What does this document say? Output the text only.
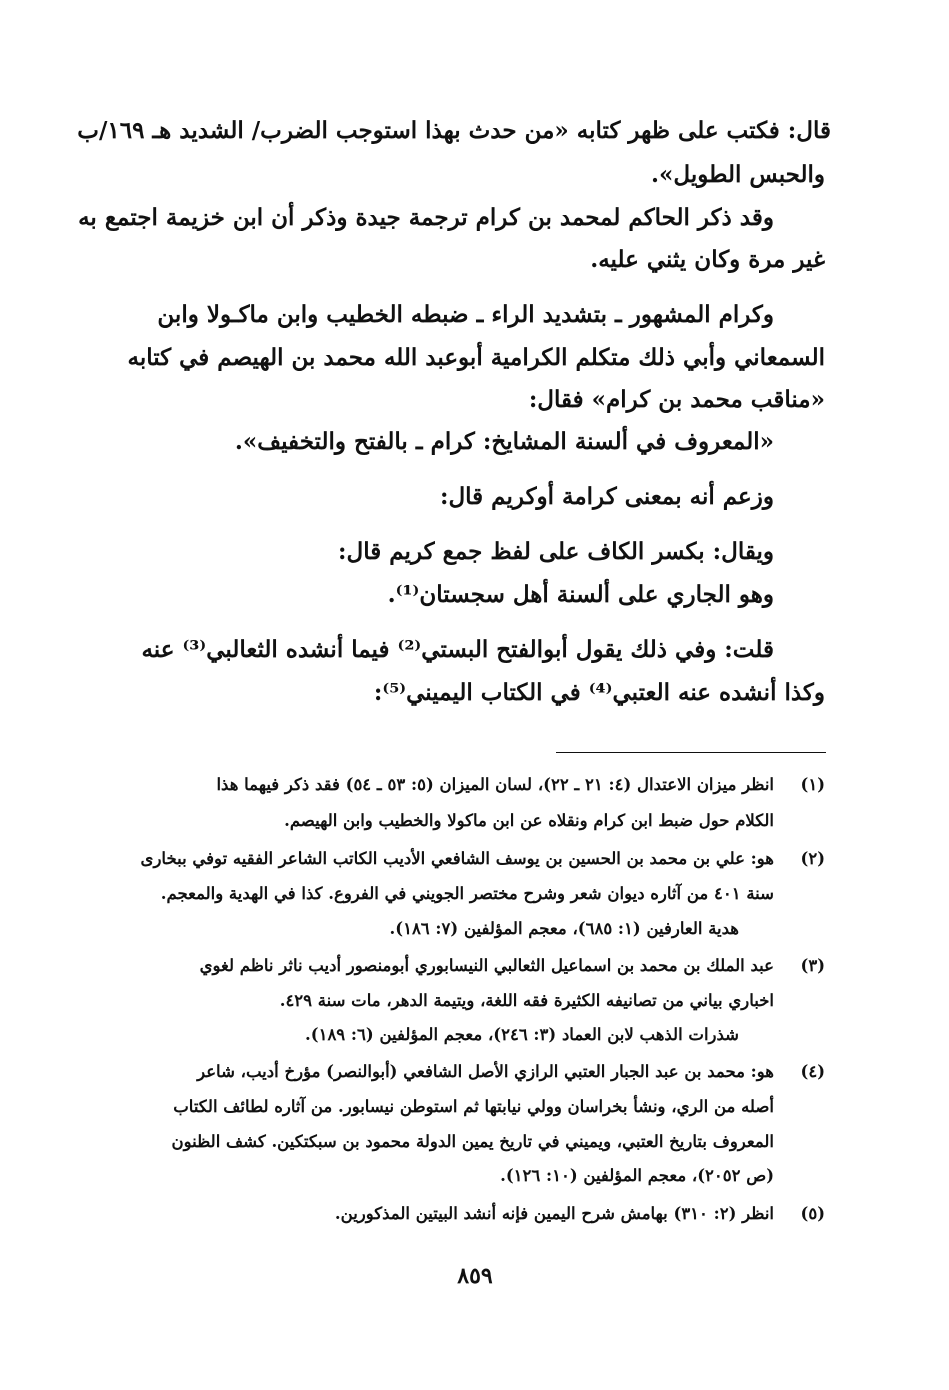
قال: فكتب على ظهر كتابه «من حدث بهذا استوجب الضرب/ الشديد هـ ١٦٩/ب
والحبس الطويل».
وقد ذكر الحاكم لمحمد بن كرام ترجمة جيدة وذكر أن ابن خزيمة اجتمع به
غير مرة وكان يثني عليه.
وكرام المشهور ـ بتشديد الراء ـ ضبطه الخطيب وابن ماكـولا وابن
السمعاني وأبي ذلك متكلم الكرامية أبوعبد الله محمد بن الهيصم في كتابه
«مناقب محمد بن كرام» فقال:
«المعروف في ألسنة المشايخ: كرام ـ بالفتح والتخفيف».
وزعم أنه بمعنى كرامة أوكريم قال:
ويقال: بكسر الكاف على لفظ جمع كريم قال:
وهو الجاري على ألسنة أهل سجستان⁽¹⁾.
قلت: وفي ذلك يقول أبوالفتح البستي⁽²⁾ فيما أنشده الثعالبي⁽³⁾ عنه
وكذا أنشده عنه العتبي⁽⁴⁾ في الكتاب اليميني⁽⁵⁾:
(١)
انظر ميزان الاعتدال (٤: ٢١ ـ ٢٢)، لسان الميزان (٥: ٥٣ ـ ٥٤) فقد ذكر فيهما هذا
الكلام حول ضبط ابن كرام ونقلاه عن ابن ماكولا والخطيب وابن الهيصم.
(٢)
هو: علي بن محمد بن الحسين بن يوسف الشافعي الأديب الكاتب الشاعر الفقيه توفي ببخارى
سنة ٤٠١ من آثاره ديوان شعر وشرح مختصر الجويني في الفروع. كذا في الهدية والمعجم.
هدية العارفين (١: ٦٨٥)، معجم المؤلفين (٧: ١٨٦).
(٣)
عبد الملك بن محمد بن اسماعيل الثعالبي النيسابوري أبومنصور أديب ناثر ناظم لغوي
اخباري بياني من تصانيفه الكثيرة فقه اللغة، ويتيمة الدهر، مات سنة ٤٢٩.
شذرات الذهب لابن العماد (٣: ٢٤٦)، معجم المؤلفين (٦: ١٨٩).
(٤)
هو: محمد بن عبد الجبار العتبي الرازي الأصل الشافعي (أبوالنصر) مؤرخ أديب، شاعر
أصله من الري، ونشأ بخراسان وولي نيابتها ثم استوطن نيسابور. من آثاره لطائف الكتاب
المعروف بتاريخ العتبي، ويميني في تاريخ يمين الدولة محمود بن سبكتكين. كشف الظنون
(ص ٢٠٥٢)، معجم المؤلفين (١٠: ١٢٦).
(٥)
انظر (٢: ٣١٠) بهامش شرح اليمين فإنه أنشد البيتين المذكورين.
٨٥٩
